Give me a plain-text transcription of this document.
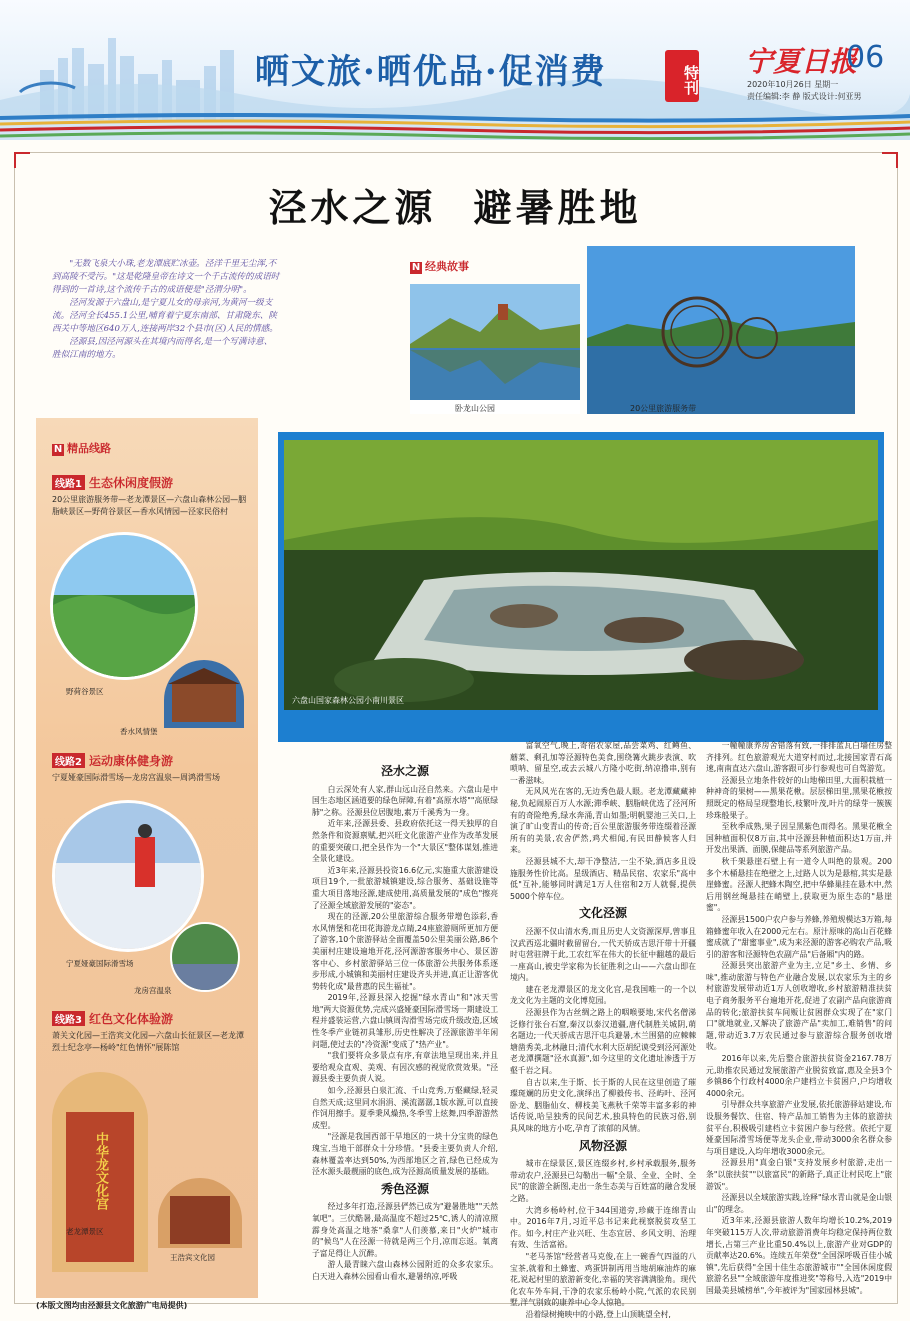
晒文旅·晒优品·促消费	特刊
宁夏日报
06
2020年10月26日 星期一
责任编辑:李 静 版式设计:何亚男
泾水之源 避暑胜地

"无数飞泉大小珠,老龙潭底贮冰壶。泾洋千里无尘浑,不到高陵不受污。"这是乾隆皇帝在诗文一个千古流传的成语时得到的一首诗,这个流传千古的成语便是"泾渭分明"。

泾河发源于六盘山,是宁夏儿女的母亲河,为黄河一级支流。泾河全长455.1公里,哺育着宁夏东南部、甘肃陇东、陕西关中等地区640万人,连接两岸32个县市(区)人民的情感。

泾源县,因泾河源头在其境内而得名,是一个写满诗意、胜似江南的地方。

N 经典故事
卧龙山公园	20公里旅游服务带
N 精品线路
线路1 生态休闲度假游
20公里旅游服务带—老龙潭景区—六盘山森林公园—胭脂峡景区—野荷谷景区—香水风情园—泾家民俗村
野荷谷景区
香水风情堡
线路2 运动康体健身游
宁夏娅豪国际滑雪场—龙房宫温泉—周鸿滑雪场
宁夏娅豪国际滑雪场
龙房宫温泉
线路3 红色文化体验游
萧关文化园—王浩宾文化园—六盘山长征景区—老龙潭烈士纪念亭—杨岭"红色情怀"展陈馆
中华龙文化宫
老龙潭景区
王浩宾文化园
(本版文图均由泾源县文化旅游广电局提供)
六盘山国家森林公园小南川景区
泾水之源

白云深处有人家,群山远山泾自然来。六盘山是中国生态地区涵道要的绿色屏障,有着"高原水塔""高原绿肺"之称。泾源县位居腹地,素万千溪秀为一身。

近年来,泾源县委、县政府依托这一得天独厚的自然条件和资源禀赋,把兴旺文化旅游产业作为改革发展的重要突破口,把全县作为一个"大景区"整体谋划,推进全景化建设。

近3年来,泾源县投资16.6亿元,实施重大旅游建设项目19个,一批旅游城镇建设,综合服务、基础设施等重大项目落地泾源,建成使用,高质量发展的"成色"擦亮了泾源全域旅游发展的"姿态"。

现在的泾源,20公里旅游综合服务带增色添彩,香水风情堡和花田花海游龙点睛,24座旅游厕所更加方便了游客,10个旅游驿站全面覆盖50公里美丽公路,86个美丽村庄建设遍地开花,泾河源游客服务中心、景区游客中心、乡村旅游驿站三位一体旅游公共服务体系逐步形成,小城镇和美丽村庄建设齐头并进,真正让游客优势转化成"最普惠的民生福祉"。

2019年,泾源县深入挖掘"绿水青山"和"冰天雪地"两大资源优势,完成兴盛娅豪国际滑雪场一期建设工程并盛装运营,六盘山镇周沟滑雪场完成升级改造,区域性冬季产业链初具雏形,历史性解决了泾源旅游半年闲问题,使过去的"冷资源"变成了"热产业"。

"我们要将众多景点有序,有章法地呈现出来,并且要给观众直观、美观、有因次感的视觉欣赏效果。"泾源县委主要负责人说。

如今,泾源县白泉汇流、千山竞秀,万壑藏绿,轻灵自然天成;这里同水涓涓、溪流潺潺,1版水源,可以直接作饲用擦手。夏季秉风燥热,冬季雪上炫舞,四季游游然成型。

"泾源是我国西部干旱地区的一块十分宝贵的绿色瑰宝,当地干部群众十分珍惜。"县委主要负责人介绍,森林覆盖率达到50%,为西部地区之首,绿色已经成为泾水源头最靓丽的底色,成为泾源高质量发展的基础。

秀色泾源

经过多年打造,泾源县俨然已成为"避暑胜地""天然氧吧"。三伏酷暑,最高温度不超过25℃,诱人的清凉照霹身处高温之地茶"桑拿"人们羡慕,来日"火炉"城市的"候鸟"人在泾源一待就是两三个月,凉而忘返。氧离子富足得让人沉醉。

游人最青睐六盘山森林公园附近的众多农家乐。白天进入森林公园看山看水,避暑纳凉,呼吸

富氧空气,晚上,寄宿农家屋,品尝菜鸡、红鳟鱼、蘑菜、剩孔加等泾源特色美食,围绕篝火跳步表演、吹唢呐、留星空,或去云城八方隆小吃街,纳凉撸串,别有一番滋味。

无风风光在客的,无边秀色最人眼。老龙潭藏藏神秘,负起闹原百万人水源;滞季峡、胭脂峡优选了泾河所有的奇险绝秀,绿水奔涌,青山如墨;明帆婴池三关口,上演了旷山变青山的传奇;百公里旅游服务带连缀着泾源所有的美景,农舍俨然,鸡犬相闻,有民田静候客人归来。

泾源县城不大,却干净整洁,一尘不染,酒店多且设施服务性价比高。星级酒店、精品民宿、农家乐"高中低"互补,能够同时满足1万人住宿和2万人就餐,提供5000个停车位。

文化泾源

泾源不仅山清水秀,而且历史人文资源深厚,曾事且汉武西巡北疆时截留留台,一代天骄成吉思汗带十开疆时屯营驻牌于此,工农红军在伟大的长征中翻越的最后一座高山,被史学家称为长征胜利之山——六盘山即在境内。

建在老龙潭景区的龙文化宫,是我国唯一的一个以龙文化为主题的文化博览园。

泾源县作为古丝绸之路上的咽喉要地,宋代名僧涕泛修行张台石窟,秦汉以泰汉道疆,唐代制胜关城阴,萌名题边;一代天骄成吉思汗屯兵避暑,木兰围猎的应棘棘塘凿秀美,北林融日;清代水利大臣胡紀谟受到泾河源处老龙潭撰题"泾水真源",如今这里的文化遗址渗透于万壑千岩之间。

自古以来,生于斯、长于斯的人民在这里创造了璀璨斑斓的历史文化,演绎出了柳毅传书、泾屿叶、泾河卧龙、胭脂仙女、柳枝美飞燕秋千荣等丰富多彩的神话传说,哈呈独秀的民间艺术,独具特色的民族习俗,别具风味的地方小吃,孕育了浓郁的风情。

风物泾源

城市在绿景区,景区连缀乡村,乡村承载服务,服务带动农户,泾源县已勾勒出一幅"全景、全业、全时、全民"的旅游全新图,走出一条生态美与百姓富的融合发展之路。

大湾乡杨岭村,位于344国道旁,珍藏于连绵青山中。2016年7月,习近平总书记来此视察脱贫攻坚工作。如今,村庄产业兴旺、生态宜居、乡风文明、治理有效、生活富裕。

"老马茶馆"经营者马克俊,在上一碗香气四溢的八宝茶,就着和土蜂蜜、鸡蛋饼制再用当地胡麻油炸的麻花,说起村里的旅游新变化,幸福的笑容满满脸角。现代化农车外车间,干净的农家乐杨岭小院,气派的农民别墅,洋气别致的康养中心令人惊艳。

沿着绿树掩映中的小路,登上山顶眺望全村,

一幢幢康养房舍错落有致,一排排蓝瓦白墙住房整齐排列。红色旅游观光大道穿村而过,北接国家青石高速,南南直达六盘山,游客跟可步行参观也可自驾游览。

泾源县立地条件较好的山地梯田里,大面积栽植一种神奇的果树——黑果花楸。层层梯田里,黑果花楸按照既定的格局呈现整地长,枝繁叶茂,叶片的绿芽一簇簇珍珠般果子。

至秋季成熟,果子因呈黑紫色而得名。黑果花楸全国种植面积仅8万亩,其中泾源县种植面积达1万亩,并开发出果酒、面膜,保健品等系列旅游产品。

秋千架悬崖石壁上有一道令人叫绝的景观。200多个木桶悬挂在绝壁之上,过路人以为是悬棺,其实是悬崖蜂蜜。泾源人把蜂木陶空,把中华蜂巢挂在悬木中,然后用钢丝绳悬挂在峭壁上,获取更为原生态的"悬崖蜜"。

泾源县1500户农户参与养蜂,养殖规模达3万箱,每箱蜂蜜年收入在2000元左右。原汁原味的高山百花蜂蜜成就了"甜蜜事业",成为来泾源的游客必购农产品,吸引的游客和泾源特色农副产品"后备厢"内的路。

泾源县突出旅游产业为主,立足"乡土、乡情、乡味",推动旅游与特色产业融合发展,以农家乐为主的乡村旅游发展带动近1万人创收增收,乡村旅游精准扶贫电子商务服务平台遍地开花,促进了农副产品向旅游商品的转化;旅游扶贫车间贩让贫困群众实现了在"家门口"就地就业,又解决了旅游产品"卖加工,难销售"的问题,带动近3.7万农民通过参与旅游综合服务创收增收。

2016年以来,先后整合旅游扶贫资金2167.78万元,助推农民通过发展旅游产业脱贫致富,惠及全县3个乡镇86个行政村4000余户建档立卡贫困户,户均增收4000余元。

引导群众共享旅游产业发展,依托旅游驿站建设,布设服务餐饮、住宿、特产品加工销售为主体的旅游扶贫平台,积极吸引建档立卡贫困户参与经营。依托宁夏娅豪国际滑雪场便等龙头企业,带动3000余名群众参与项目建设,入均年增收3000余元。

泾源县用"真金白银"支持发展乡村旅游,走出一条"以旅扶贫""以旅富民"的新路子,真正让村民吃上"旅游饭"。

泾源县以全域旅游实践,诠释"绿水青山就是金山银山"的理念。

近3年来,泾源县旅游人数年均增长10.2%,2019年突破115万人次,带动旅游消费年均稳定保持两位数增长,占第三产业比重50.4%以上,旅游产业对GDP的贡献率达20.6%。连续五年荣登"全国深呼吸百佳小城镇",先后获得"全国十佳生态旅游城市""全国休闲度假旅游名县""全域旅游年度推进奖"等称号,入选"2019中国最美县城榜单",今年被评为"国家园林县城"。
